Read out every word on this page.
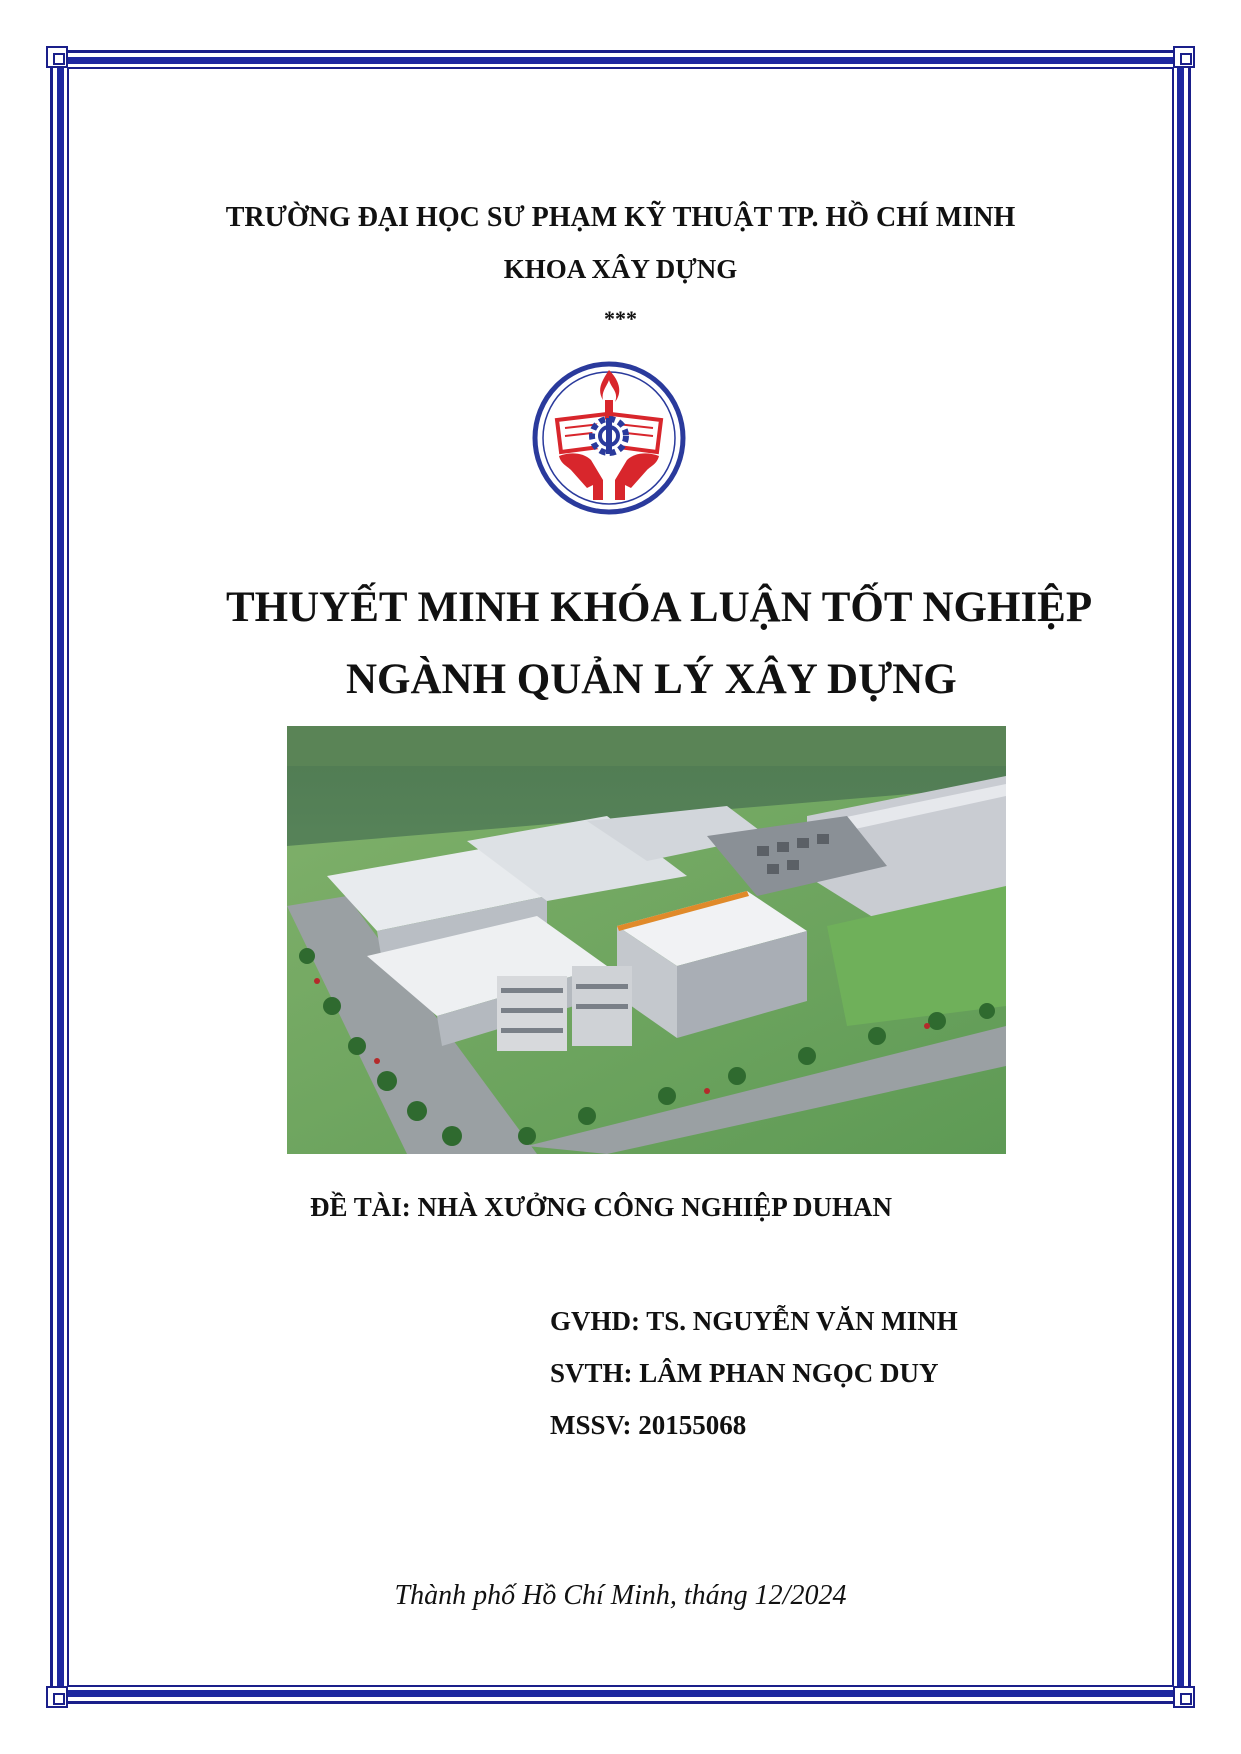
TRƯỜNG ĐẠI HỌC SƯ PHẠM KỸ THUẬT TP. HỒ CHÍ MINH
KHOA XÂY DỰNG
***
THUYẾT MINH KHÓA LUẬN TỐT NGHIỆP
NGÀNH QUẢN LÝ XÂY DỰNG
ĐỀ TÀI: NHÀ XƯỞNG CÔNG NGHIỆP DUHAN
GVHD: TS. NGUYỄN VĂN MINH
SVTH: LÂM PHAN NGỌC DUY
MSSV: 20155068
Thành phố Hồ Chí Minh, tháng 12/2024
